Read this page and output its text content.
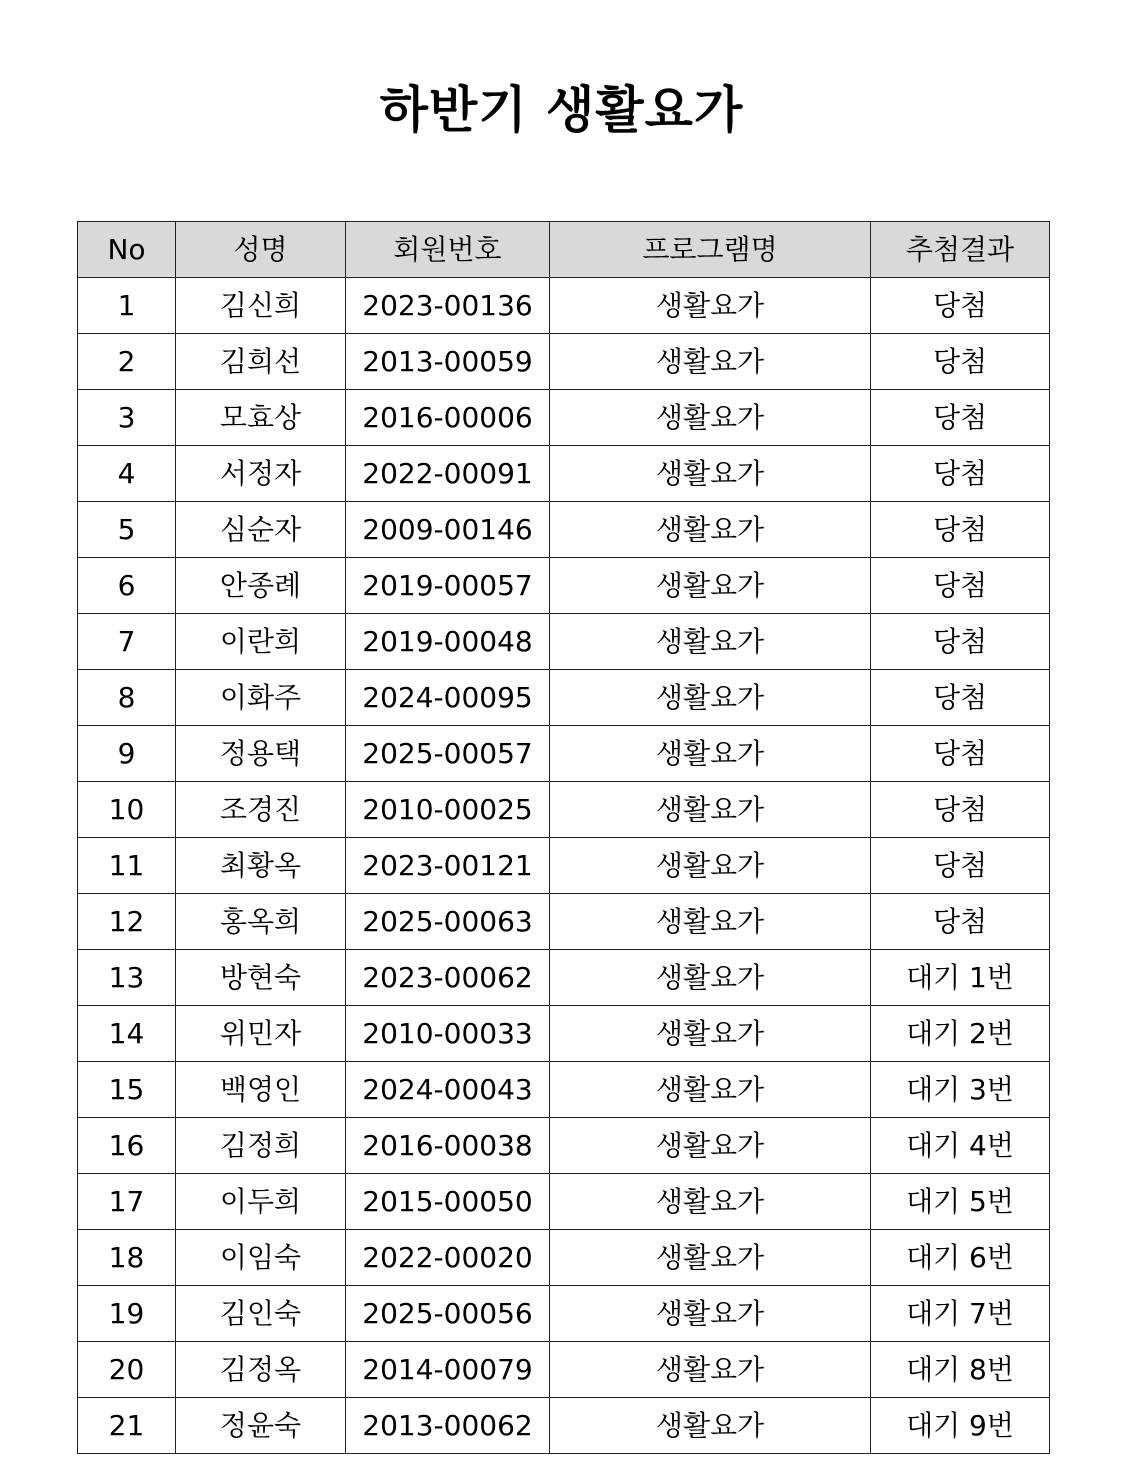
하반기 생활요가
No	성명	회원번호	프로그램명	추첨결과
1	김신희	2023-00136	생활요가	당첨
2	김희선	2013-00059	생활요가	당첨
3	모효상	2016-00006	생활요가	당첨
4	서정자	2022-00091	생활요가	당첨
5	심순자	2009-00146	생활요가	당첨
6	안종례	2019-00057	생활요가	당첨
7	이란희	2019-00048	생활요가	당첨
8	이화주	2024-00095	생활요가	당첨
9	정용택	2025-00057	생활요가	당첨
10	조경진	2010-00025	생활요가	당첨
11	최황옥	2023-00121	생활요가	당첨
12	홍옥희	2025-00063	생활요가	당첨
13	방현숙	2023-00062	생활요가	대기 1번
14	위민자	2010-00033	생활요가	대기 2번
15	백영인	2024-00043	생활요가	대기 3번
16	김정희	2016-00038	생활요가	대기 4번
17	이두희	2015-00050	생활요가	대기 5번
18	이임숙	2022-00020	생활요가	대기 6번
19	김인숙	2025-00056	생활요가	대기 7번
20	김정옥	2014-00079	생활요가	대기 8번
21	정윤숙	2013-00062	생활요가	대기 9번
